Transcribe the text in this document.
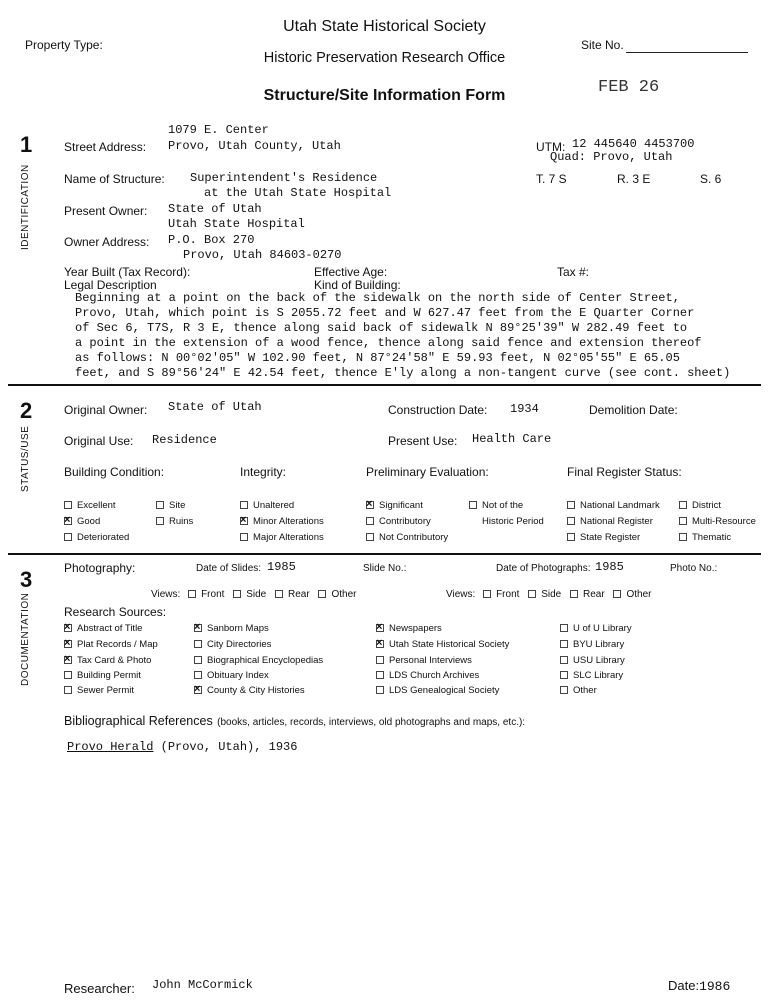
Utah State Historical Society
Property Type:	Site No.
Historic Preservation Research Office
FEB 26
Structure/Site Information Form
1
IDENTIFICATION
1079 E. Center
Street Address: Provo, Utah County, Utah	UTM: 12 445640 4453700
Quad: Provo, Utah
Name of Structure: Superintendent's Residence
at the Utah State Hospital
T. 7 S	R. 3 E	S. 6
Present Owner: State of Utah
Utah State Hospital
Owner Address: P.O. Box 270
Provo, Utah 84603-0270
Year Built (Tax Record):	Effective Age:	Tax #:
Legal Description	Kind of Building:
Beginning at a point on the back of the sidewalk on the north side of Center Street,
Provo, Utah, which point is S 2055.72 feet and W 627.47 feet from the E Quarter Corner
of Sec 6, T7S, R 3 E, thence along said back of sidewalk N 89°25'39" W 282.49 feet to
a point in the extension of a wood fence, thence along said fence and extension thereof
as follows: N 00°02'05" W 102.90 feet, N 87°24'58" E 59.93 feet, N 02°05'55" E 65.05
feet, and S 89°56'24" E 42.54 feet, thence E'ly along a non-tangent curve (see cont. sheet)
2
STATUS/USE
Original Owner: State of Utah	Construction Date: 1934	Demolition Date:
Original Use: Residence	Present Use: Health Care
Building Condition:	Integrity:	Preliminary Evaluation:	Final Register Status:
Excellent	Site
×Good	Ruins
Deteriorated
Unaltered
×Minor Alterations
Major Alterations
×Significant	Not of the
Historic Period
Contributory
Not Contributory
National Landmark	District
National Register	Multi-Resource
State Register	Thematic
3
DOCUMENTATION
Photography:	Date of Slides: 1985	Slide No.:	Date of Photographs: 1985	Photo No.:
Views: Front Side Rear Other	Views: Front Side Rear Other
Research Sources:
×Abstract of Title
×Plat Records / Map
×Tax Card & Photo
Building Permit
Sewer Permit
×Sanborn Maps
City Directories
Biographical Encyclopedias
Obituary Index
×County & City Histories
×Newspapers
×Utah State Historical Society
Personal Interviews
LDS Church Archives
LDS Genealogical Society
U of U Library
BYU Library
USU Library
SLC Library
Other
Bibliographical References (books, articles, records, interviews, old photographs and maps, etc.):
Provo Herald (Provo, Utah), 1936
Researcher: John McCormick	Date:1986
